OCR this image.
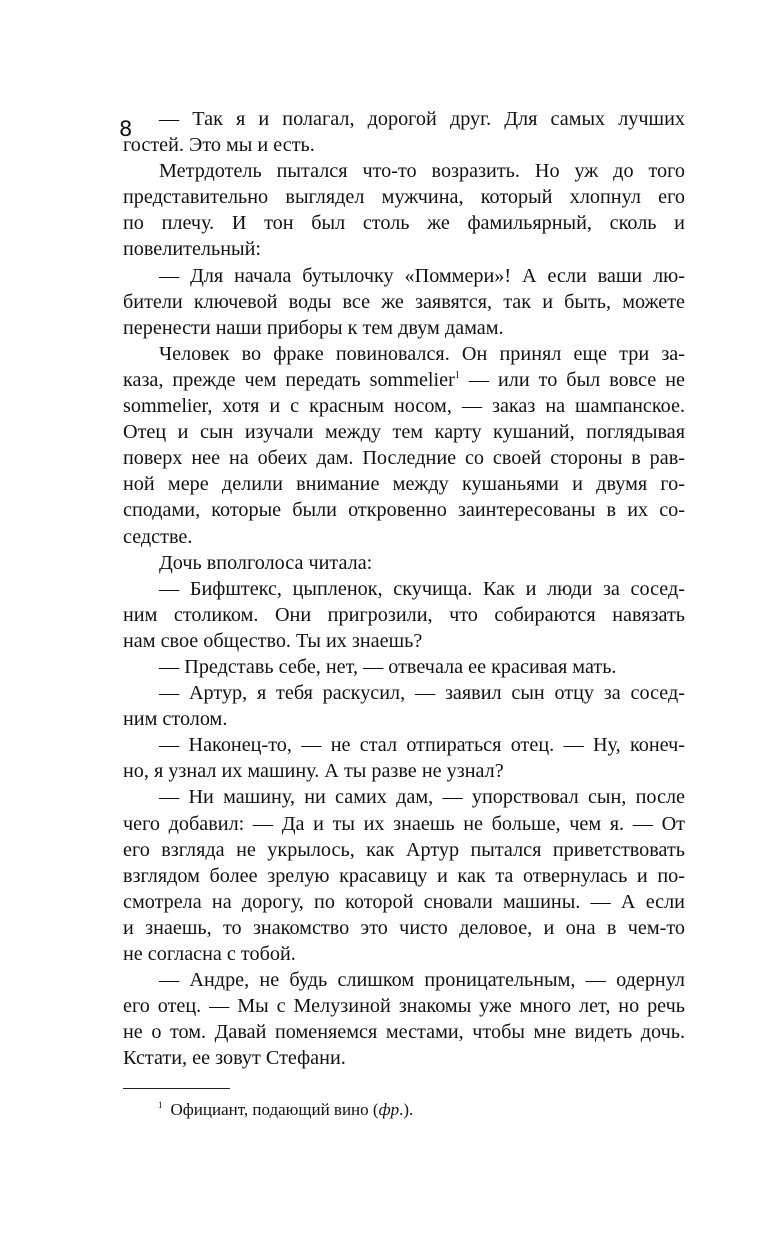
8	— Так я и полагал, дорогой друг. Для самых лучших
гостей. Это мы и есть.
Метрдотель пытался что-то возразить. Но уж до того
представительно выглядел мужчина, который хлопнул его
по плечу. И тон был столь же фамильярный, сколь и
повелительный:
— Для начала бутылочку «Поммери»! А если ваши лю-
бители ключевой воды все же заявятся, так и быть, можете
перенести наши приборы к тем двум дамам.
Человек во фраке повиновался. Он принял еще три за-
каза, прежде чем передать sommelier$^1$ — или то был вовсе не
sommelier, хотя и с красным носом, — заказ на шампанское.
Отец и сын изучали между тем карту кушаний, поглядывая
поверх нее на обеих дам. Последние со своей стороны в рав-
ной мере делили внимание между кушаньями и двумя го-
сподами, которые были откровенно заинтересованы в их со-
седстве.
Дочь вполголоса читала:
— Бифштекс, цыпленок, скучища. Как и люди за сосед-
ним столиком. Они пригрозили, что собираются навязать
нам свое общество. Ты их знаешь?
— Представь себе, нет, — отвечала ее красивая мать.
— Артур, я тебя раскусил, — заявил сын отцу за сосед-
ним столом.
— Наконец-то, — не стал отпираться отец. — Ну, конеч-
но, я узнал их машину. А ты разве не узнал?
— Ни машину, ни самих дам, — упорствовал сын, после
чего добавил: — Да и ты их знаешь не больше, чем я. — От
его взгляда не укрылось, как Артур пытался приветствовать
взглядом более зрелую красавицу и как та отвернулась и по-
смотрела на дорогу, по которой сновали машины. — А если
и знаешь, то знакомство это чисто деловое, и она в чем-то
не согласна с тобой.
— Андре, не будь слишком проницательным, — одернул
его отец. — Мы с Мелузиной знакомы уже много лет, но речь
не о том. Давай поменяемся местами, чтобы мне видеть дочь.
Кстати, ее зовут Стефани.
$^1$ Официант, подающий вино (фр.).
